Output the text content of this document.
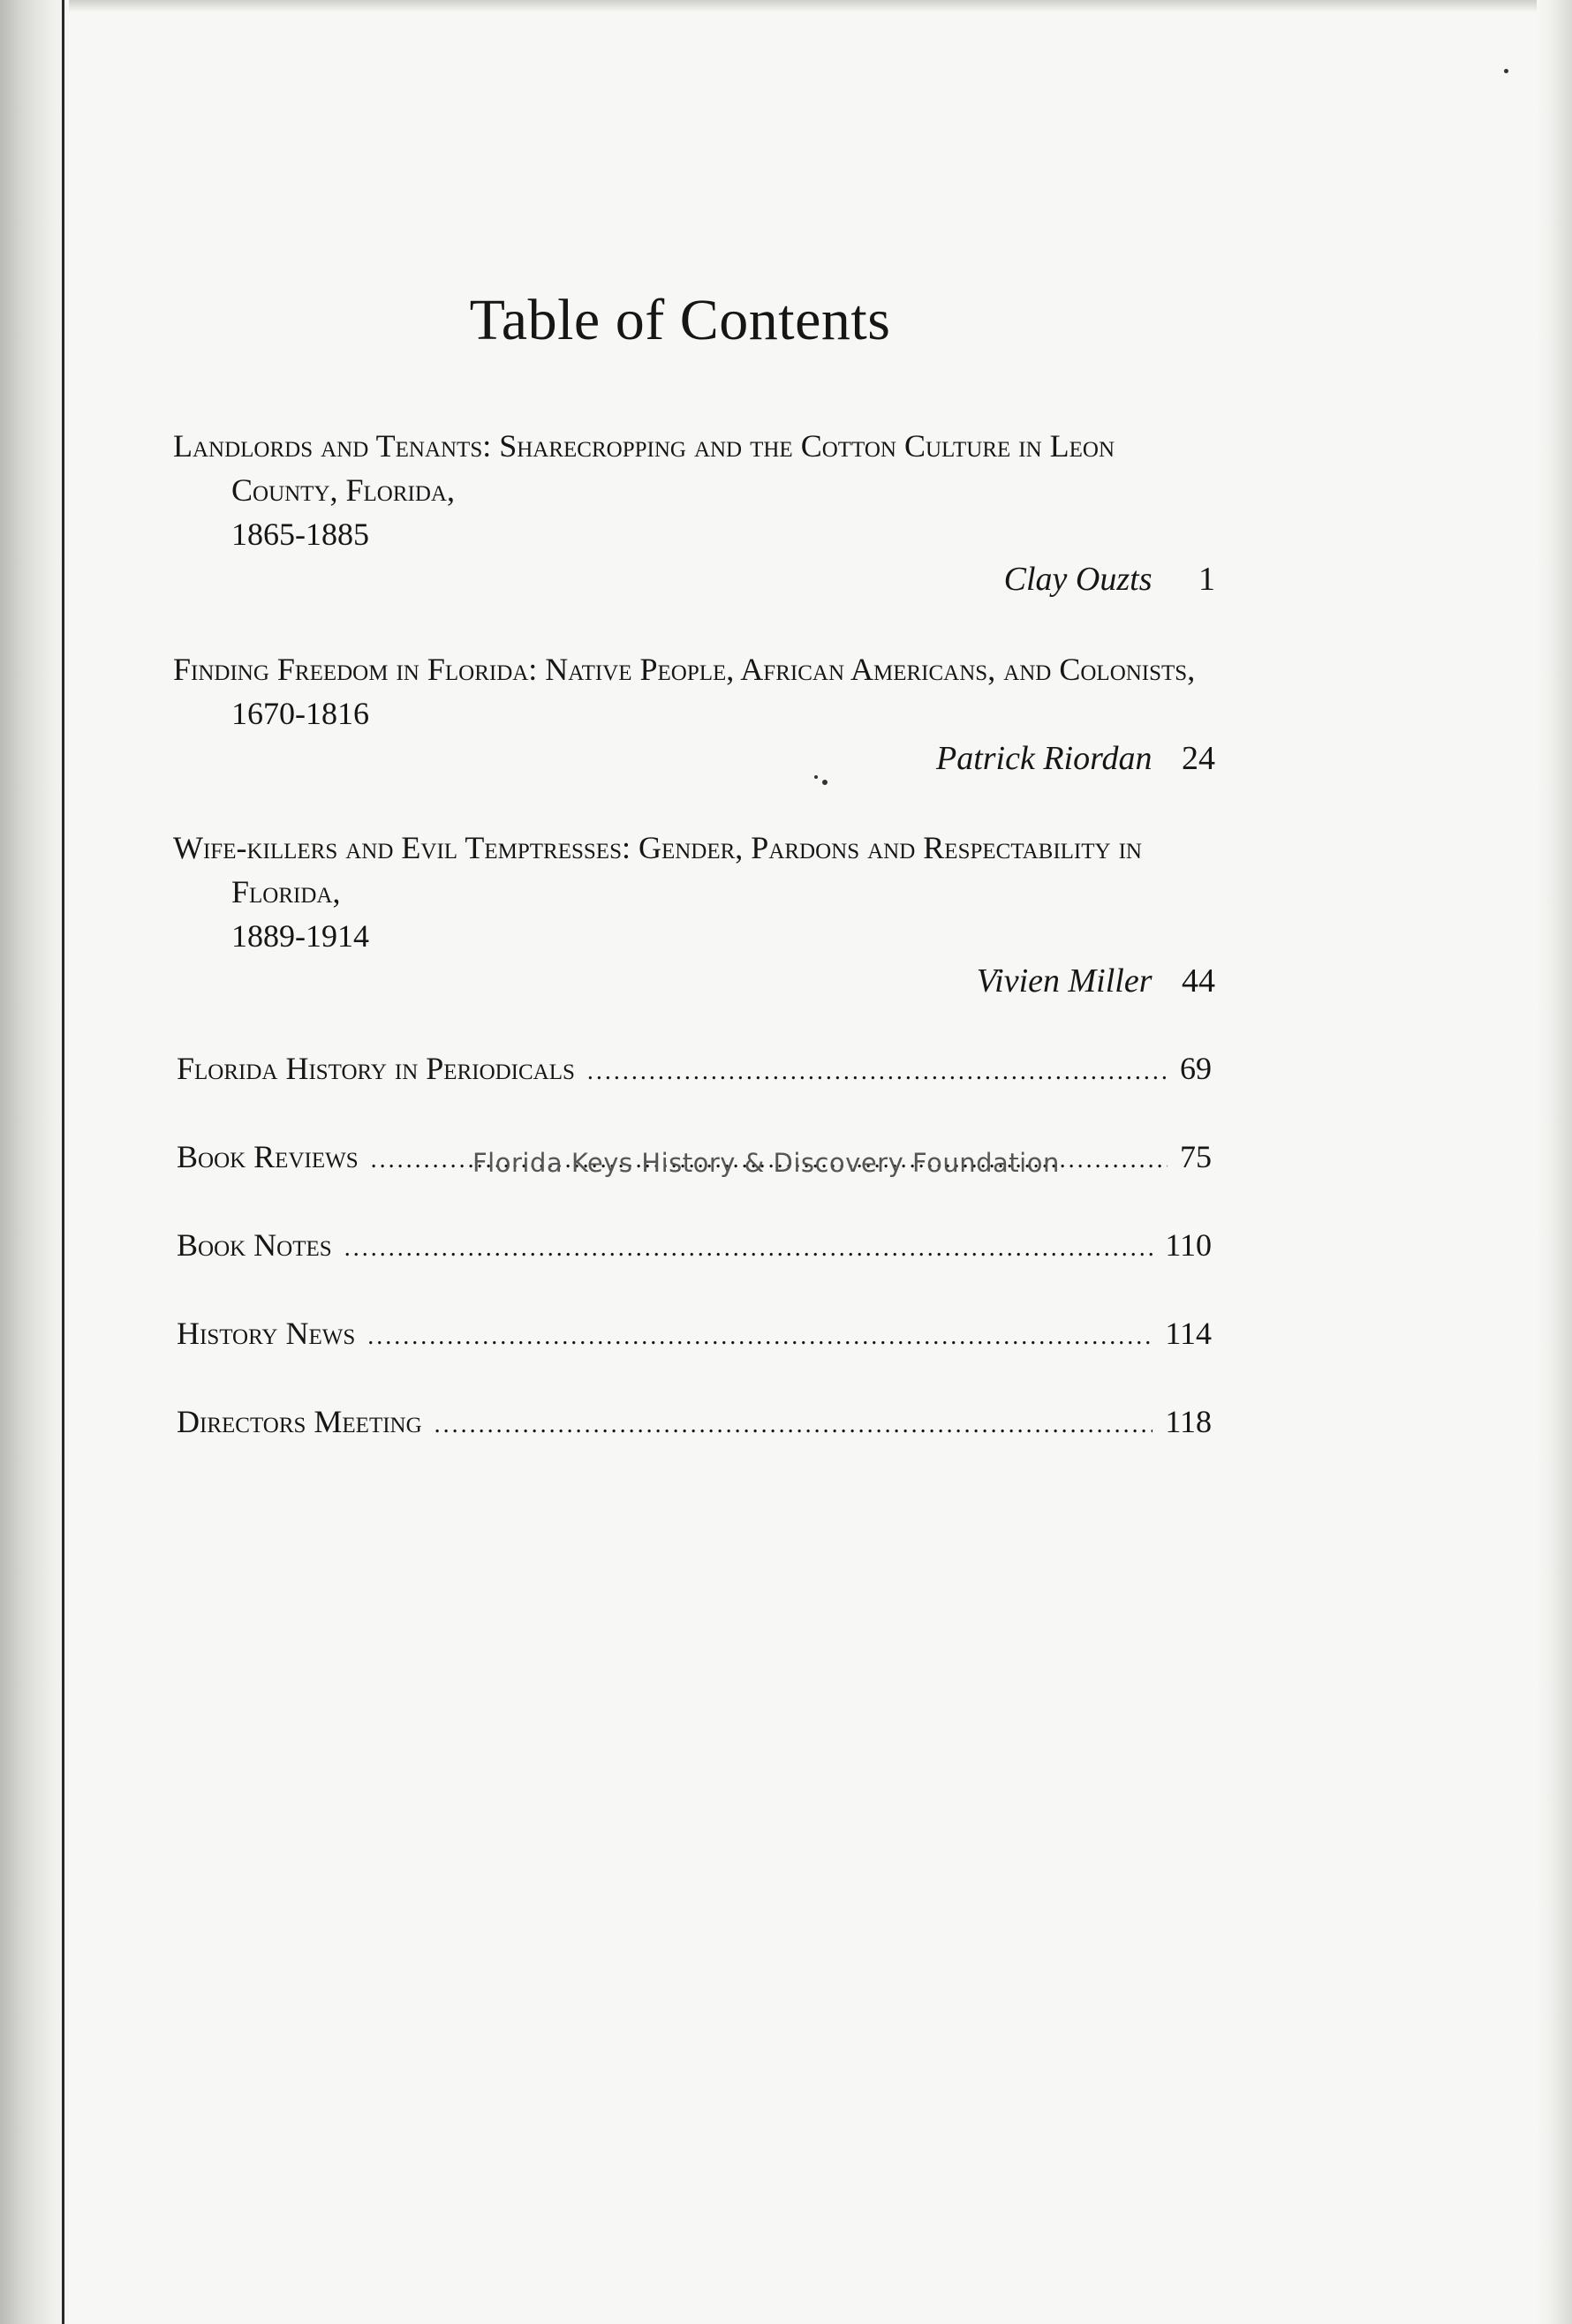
Table of Contents
Landlords and Tenants: Sharecropping and the Cotton Culture in Leon County, Florida,
1865-1885
Clay Ouzts 1
Finding Freedom in Florida: Native People, African Americans, and Colonists, 1670-1816
Patrick Riordan 24
Wife-killers and Evil Temptresses: Gender, Pardons and Respectability in Florida,
1889-1914
Vivien Miller 44
Florida History in Periodicals .....	69
Book Reviews .....	75
Book Notes .....	110
History News .....	114
Directors Meeting .....	118
Florida Keys History & Discovery Foundation
